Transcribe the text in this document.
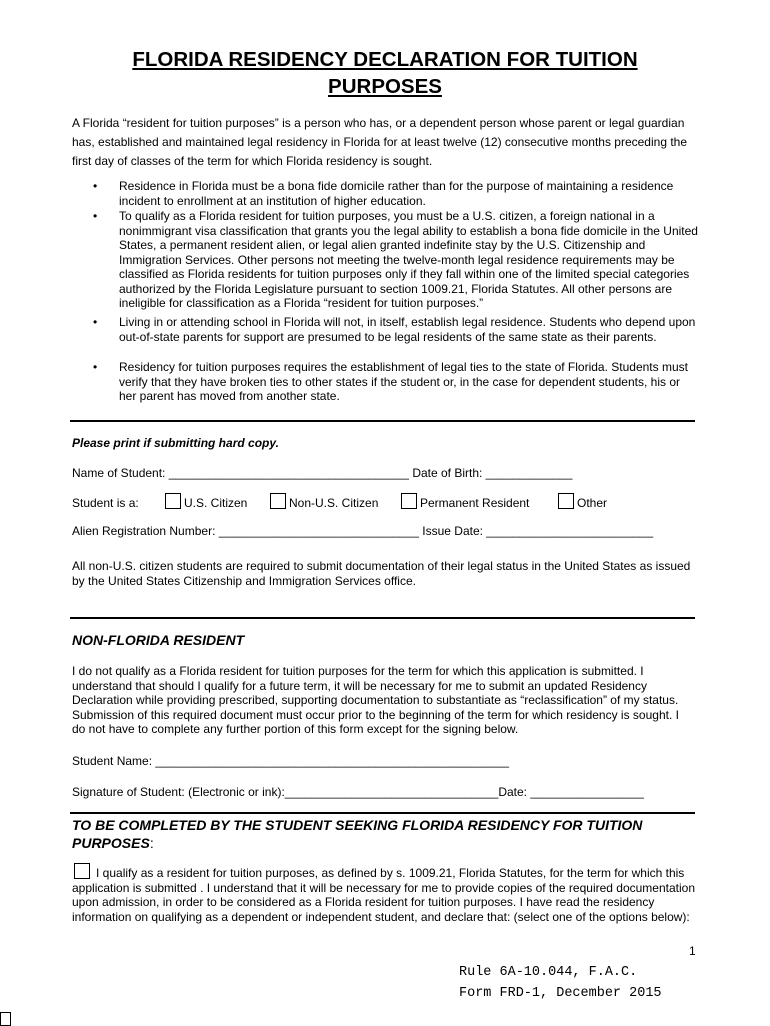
FLORIDA RESIDENCY DECLARATION FOR TUITION
PURPOSES
A Florida “resident for tuition purposes” is a person who has, or a dependent person whose parent or legal guardian has, established and maintained legal residency in Florida for at least twelve (12) consecutive months preceding the first day of classes of the term for which Florida residency is sought.
• Residence in Florida must be a bona fide domicile rather than for the purpose of maintaining a residence incident to enrollment at an institution of higher education.
• To qualify as a Florida resident for tuition purposes, you must be a U.S. citizen, a foreign national in a nonimmigrant visa classification that grants you the legal ability to establish a bona fide domicile in the United States, a permanent resident alien, or legal alien granted indefinite stay by the U.S. Citizenship and Immigration Services. Other persons not meeting the twelve-month legal residence requirements may be classified as Florida residents for tuition purposes only if they fall within one of the limited special categories authorized by the Florida Legislature pursuant to section 1009.21, Florida Statutes. All other persons are ineligible for classification as a Florida “resident for tuition purposes.”
• Living in or attending school in Florida will not, in itself, establish legal residence. Students who depend upon out-of-state parents for support are presumed to be legal residents of the same state as their parents.
• Residency for tuition purposes requires the establishment of legal ties to the state of Florida. Students must verify that they have broken ties to other states if the student or, in the case for dependent students, his or her parent has moved from another state.
Please print if submitting hard copy.
Name of Student: ____________________________________ Date of Birth: _____________
Student is a:	U.S. Citizen	Non-U.S. Citizen	Permanent Resident	Other
Alien Registration Number: ______________________________ Issue Date: _________________________
All non-U.S. citizen students are required to submit documentation of their legal status in the United States as issued by the United States Citizenship and Immigration Services office.
NON-FLORIDA RESIDENT
I do not qualify as a Florida resident for tuition purposes for the term for which this application is submitted. I understand that should I qualify for a future term, it will be necessary for me to submit an updated Residency Declaration while providing prescribed, supporting documentation to substantiate as “reclassification” of my status. Submission of this required document must occur prior to the beginning of the term for which residency is sought. I do not have to complete any further portion of this form except for the signing below.
Student Name: _____________________________________________________
Signature of Student: (Electronic or ink):________________________________Date: _________________
TO BE COMPLETED BY THE STUDENT SEEKING FLORIDA RESIDENCY FOR TUITION
PURPOSES:
I qualify as a resident for tuition purposes, as defined by s. 1009.21, Florida Statutes, for the term for which this application is submitted . I understand that it will be necessary for me to provide copies of the required documentation upon admission, in order to be considered as a Florida resident for tuition purposes. I have read the residency information on qualifying as a dependent or independent student, and declare that: (select one of the options below):
1
Rule 6A-10.044, F.A.C.
Form FRD-1, December 2015
